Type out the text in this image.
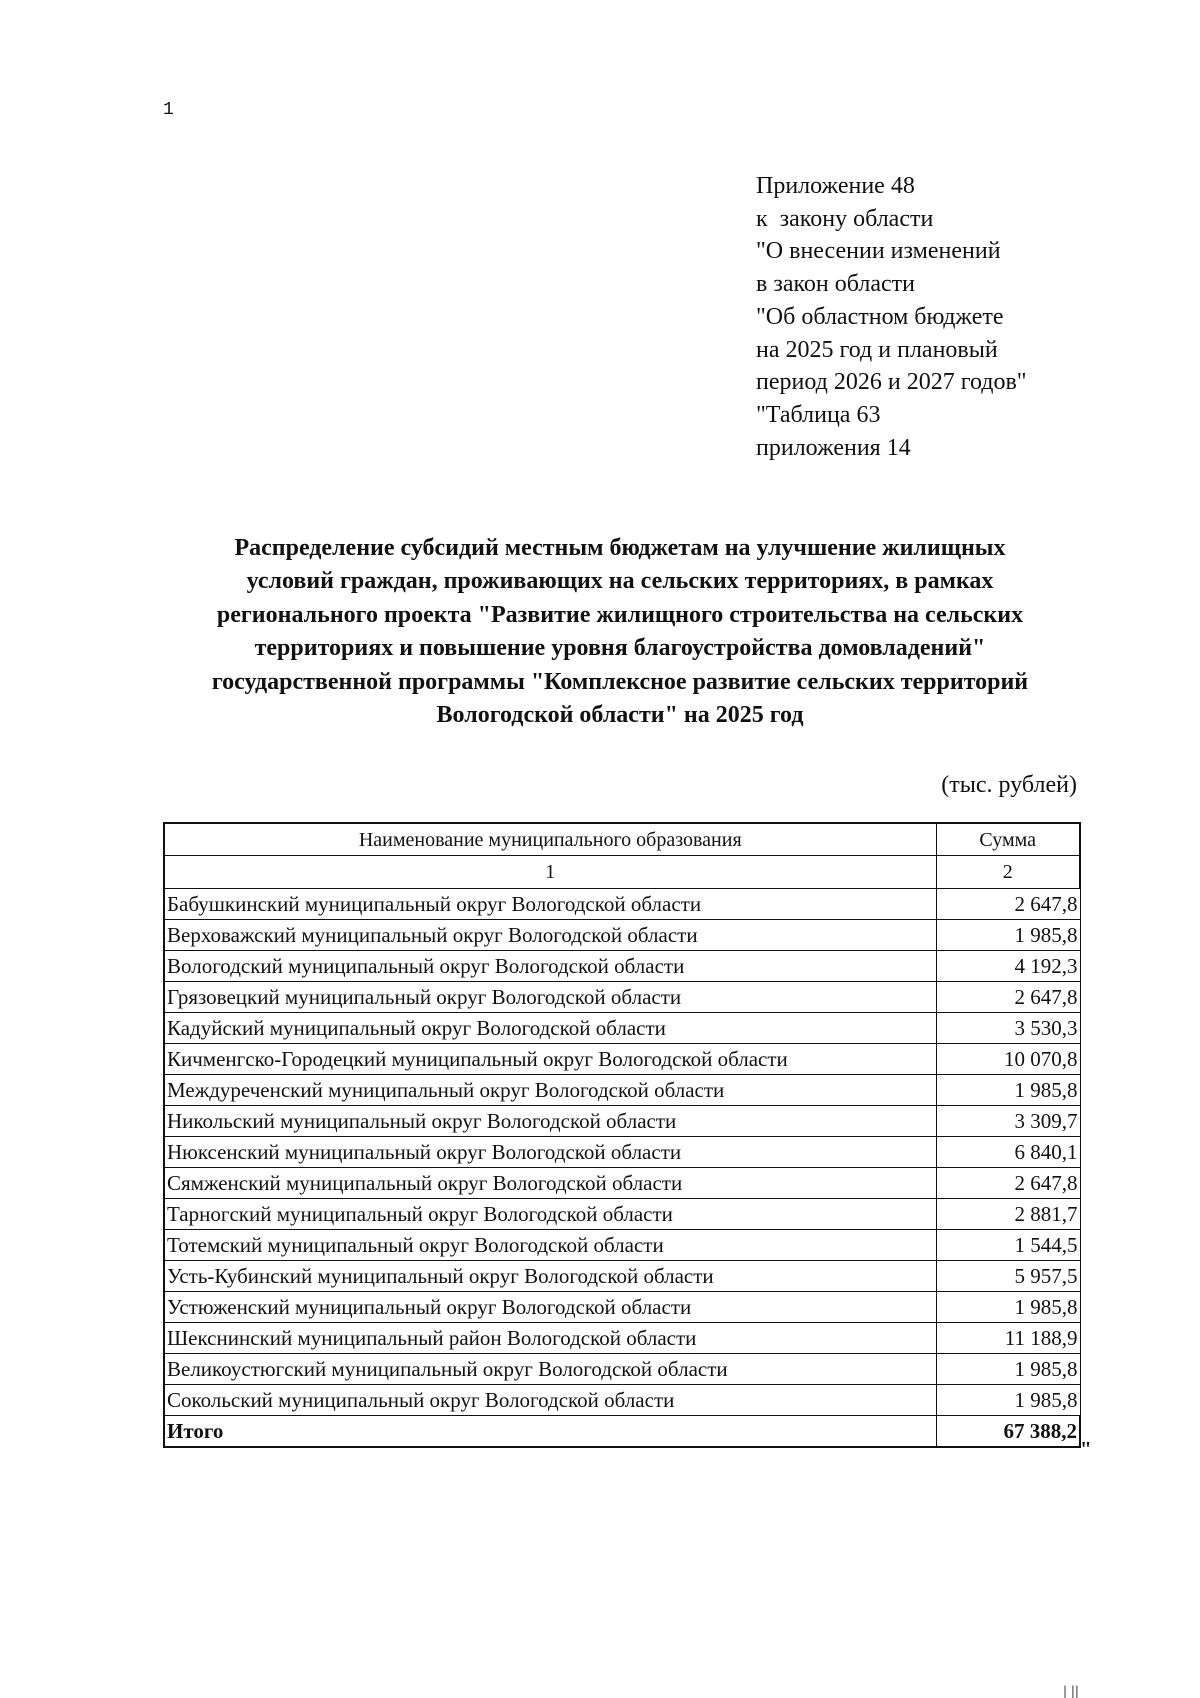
1
Приложение 48
к  закону области
"О внесении изменений
в закон области
"Об областном бюджете
на 2025 год и плановый
период 2026 и 2027 годов"
"Таблица 63
приложения 14
Распределение субсидий местным бюджетам на улучшение жилищных
условий граждан, проживающих на сельских территориях, в рамках
регионального проекта "Развитие жилищного строительства на сельских
территориях и повышение уровня благоустройства домовладений"
государственной программы "Комплексное развитие сельских территорий
Вологодской области" на 2025 год
(тыс. рублей)
Наименование муниципального образования	Сумма
1	2
Бабушкинский муниципальный округ Вологодской области	2 647,8
Верховажский муниципальный округ Вологодской области	1 985,8
Вологодский муниципальный округ Вологодской области	4 192,3
Грязовецкий муниципальный округ Вологодской области	2 647,8
Кадуйский муниципальный округ Вологодской области	3 530,3
Кичменгско-Городецкий муниципальный округ Вологодской области	10 070,8
Междуреченский муниципальный округ Вологодской области	1 985,8
Никольский муниципальный округ Вологодской области	3 309,7
Нюксенский муниципальный округ Вологодской области	6 840,1
Сямженский муниципальный округ Вологодской области	2 647,8
Тарногский муниципальный округ Вологодской области	2 881,7
Тотемский муниципальный округ Вологодской области	1 544,5
Усть-Кубинский муниципальный округ Вологодской области	5 957,5
Устюженский муниципальный округ Вологодской области	1 985,8
Шекснинский муниципальный район Вологодской области	11 188,9
Великоустюгский муниципальный округ Вологодской области	1 985,8
Сокольский муниципальный округ Вологодской области	1 985,8
Итого	67 388,2
"
| ||
